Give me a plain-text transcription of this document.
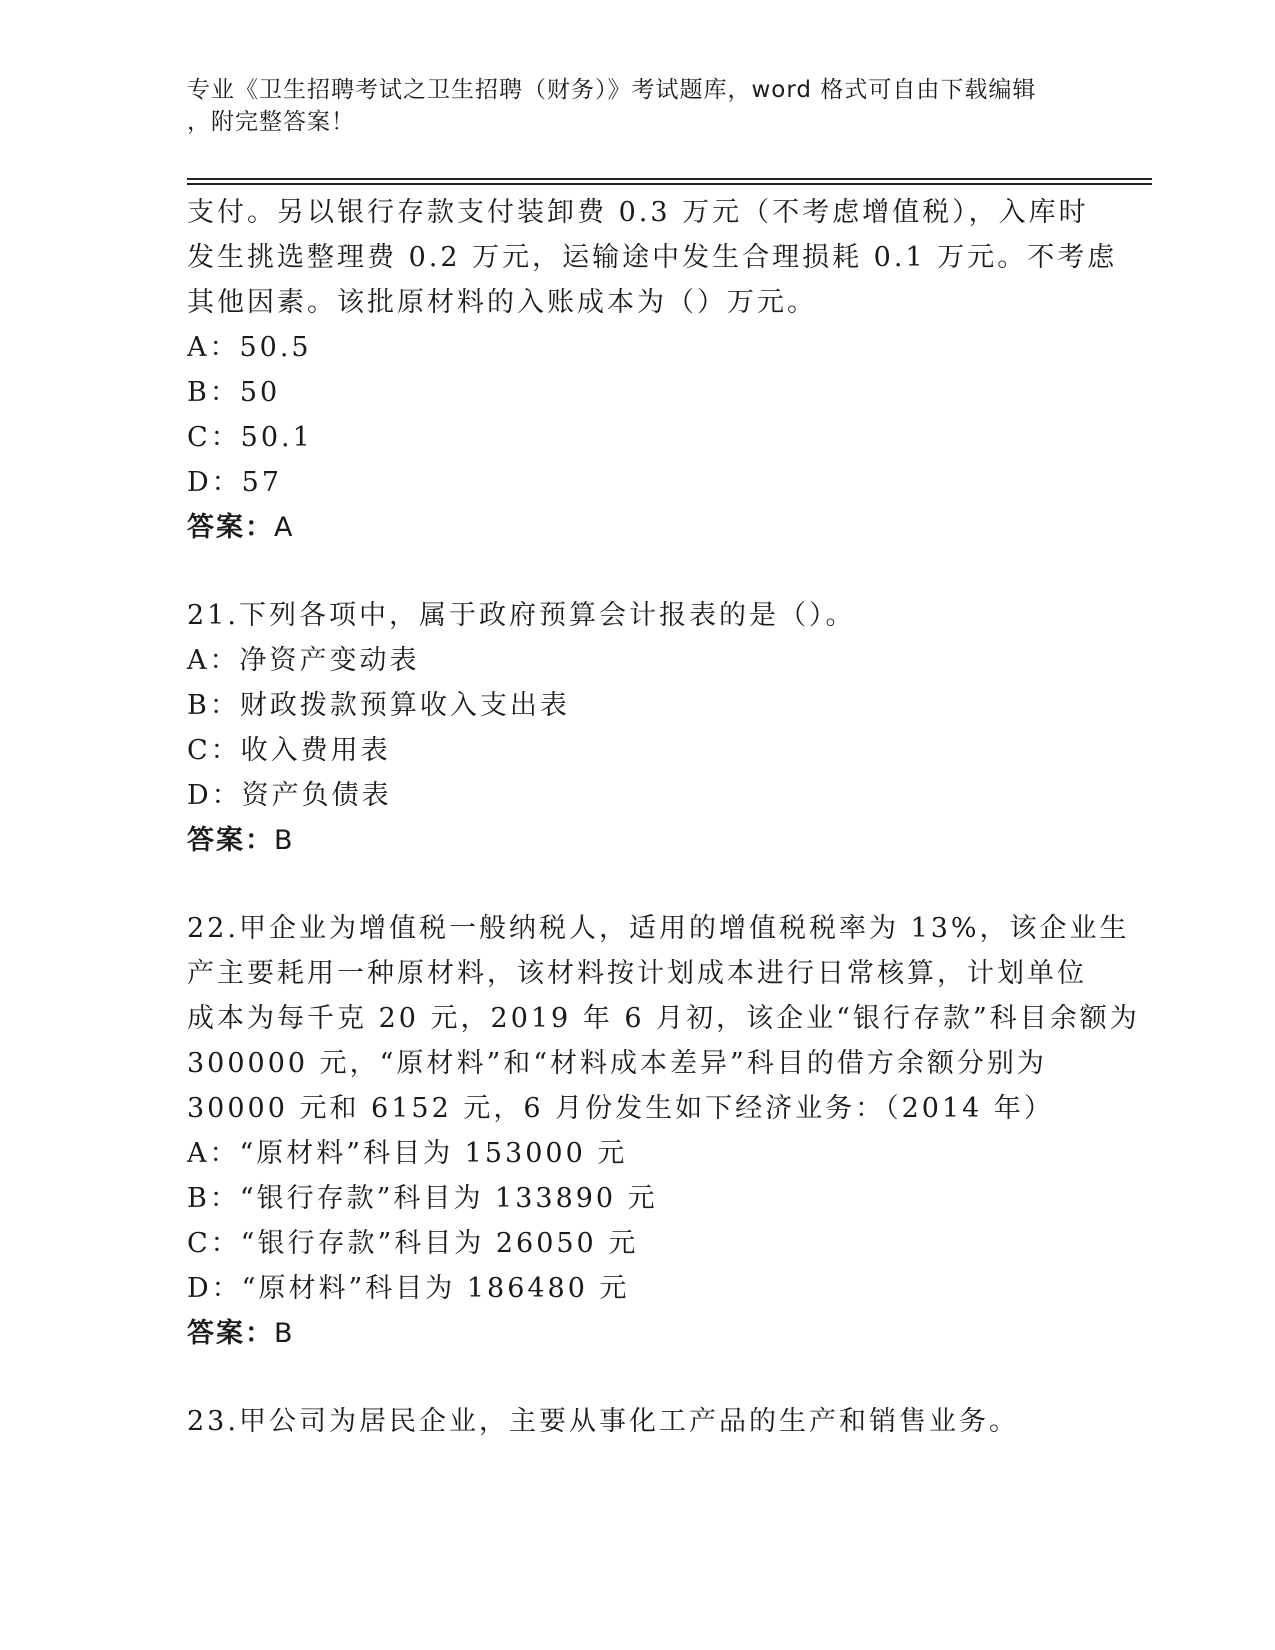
专业《卫生招聘考试之卫生招聘（财务）》考试题库，word 格式可自由下载编辑
，附完整答案！
支付。另以银行存款支付装卸费 0.3 万元（不考虑增值税），入库时
发生挑选整理费 0.2 万元，运输途中发生合理损耗 0.1 万元。不考虑
其他因素。该批原材料的入账成本为（）万元。
A：50.5
B：50
C：50.1
D：57
答案：A
21.下列各项中，属于政府预算会计报表的是（）。
A：净资产变动表
B：财政拨款预算收入支出表
C：收入费用表
D：资产负债表
答案：B
22.甲企业为增值税一般纳税人，适用的增值税税率为 13%，该企业生
产主要耗用一种原材料，该材料按计划成本进行日常核算，计划单位
成本为每千克 20 元，2019 年 6 月初，该企业“银行存款”科目余额为
300000 元，“原材料”和“材料成本差异”科目的借方余额分别为
30000 元和 6152 元，6 月份发生如下经济业务：（2014 年）
A：“原材料”科目为 153000 元
B：“银行存款”科目为 133890 元
C：“银行存款”科目为 26050 元
D：“原材料”科目为 186480 元
答案：B
23.甲公司为居民企业，主要从事化工产品的生产和销售业务。
